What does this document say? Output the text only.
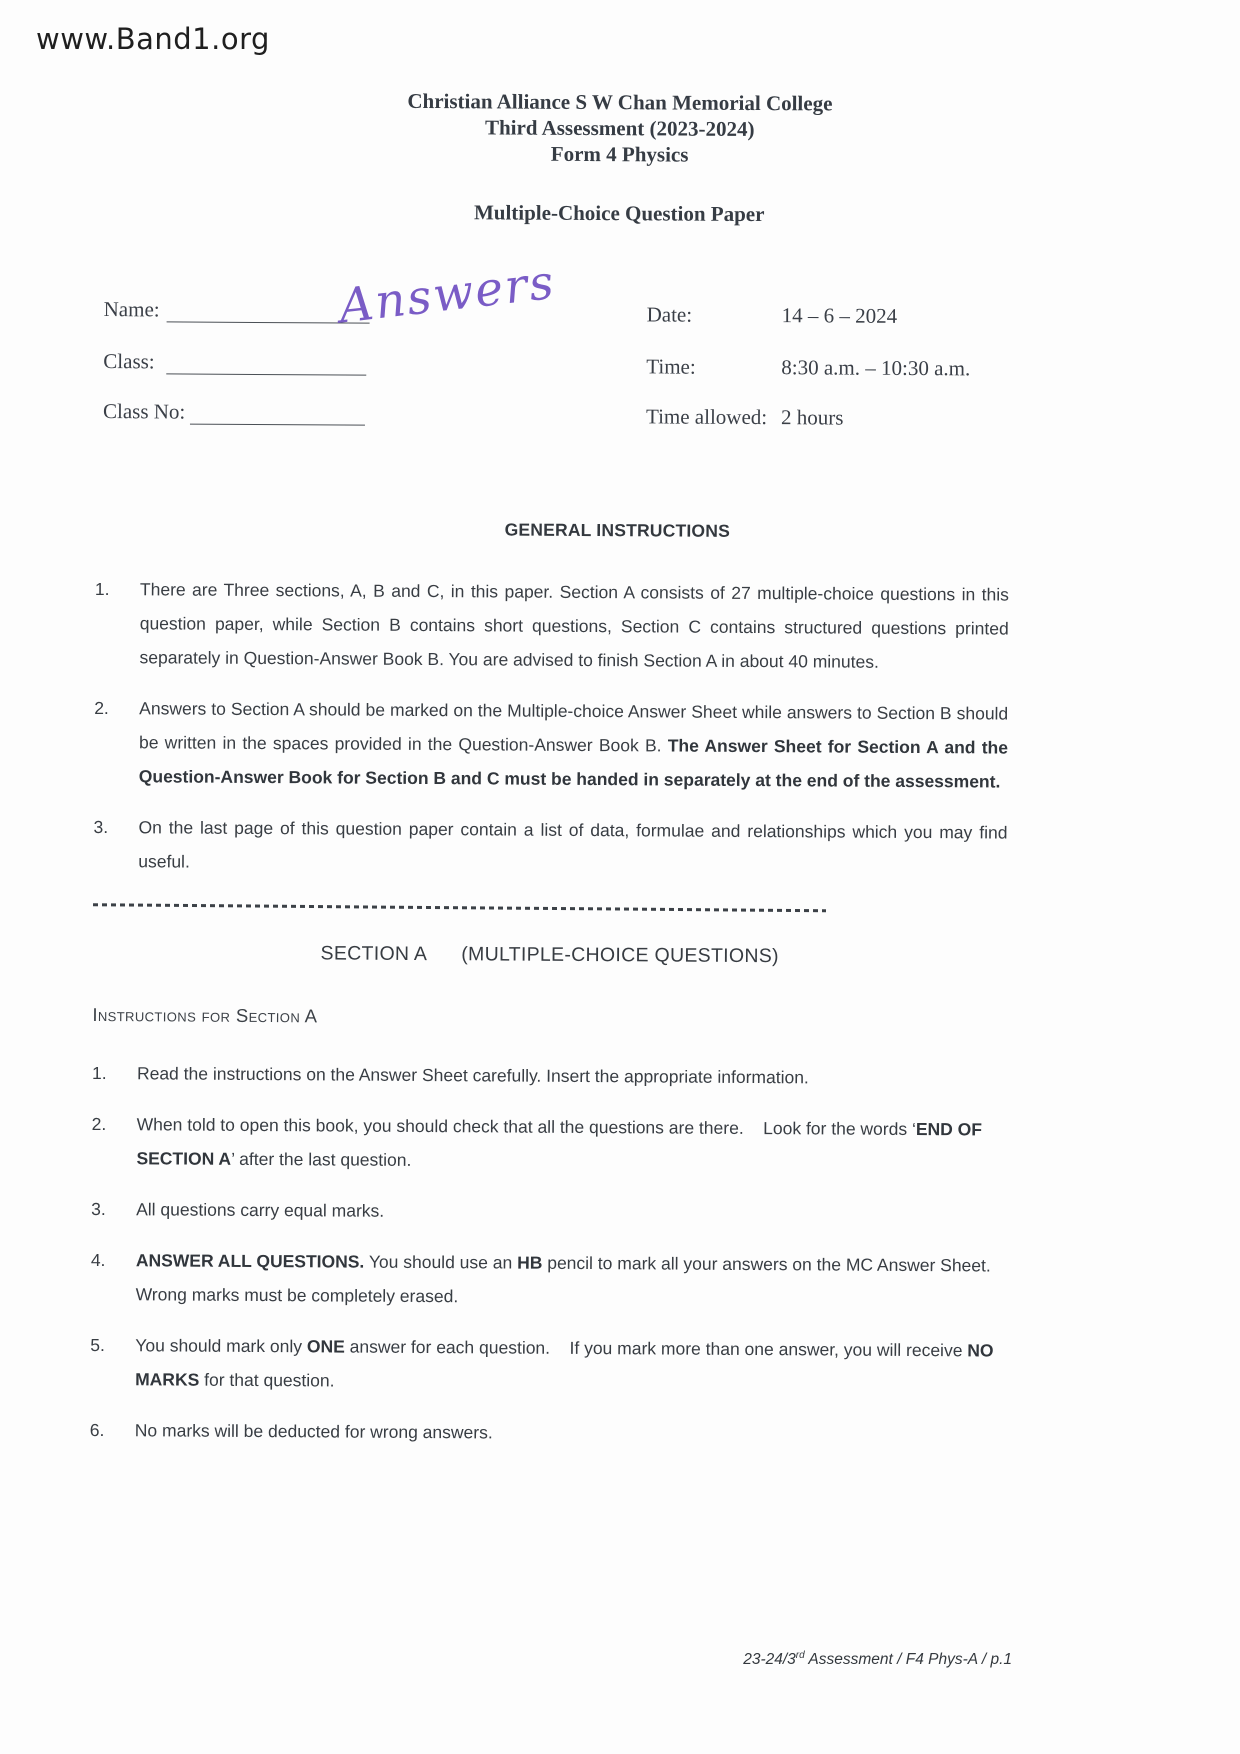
www.Band1.org
Christian Alliance S W Chan Memorial College
Third Assessment (2023-2024)
Form 4 Physics
Multiple-Choice Question Paper
Name:	Answers
Class:
Class No:
Date:	14 – 6 – 2024
Time:	8:30 a.m. – 10:30 a.m.
Time allowed: 2 hours
GENERAL INSTRUCTIONS
1.	There are Three sections, A, B and C, in this paper. Section A consists of 27 multiple-choice questions in this question paper, while Section B contains short questions, Section C contains structured questions printed separately in Question-Answer Book B. You are advised to finish Section A in about 40 minutes.
2.	Answers to Section A should be marked on the Multiple-choice Answer Sheet while answers to Section B should be written in the spaces provided in the Question-Answer Book B. The Answer Sheet for Section A and the Question-Answer Book for Section B and C must be handed in separately at the end of the assessment.
3.	On the last page of this question paper contain a list of data, formulae and relationships which you may find useful.
SECTION A (MULTIPLE-CHOICE QUESTIONS)
Instructions for Section A
1.	Read the instructions on the Answer Sheet carefully. Insert the appropriate information.
2.	When told to open this book, you should check that all the questions are there.    Look for the words ‘END OF SECTION A’ after the last question.
3.	All questions carry equal marks.
4.	ANSWER ALL QUESTIONS. You should use an HB pencil to mark all your answers on the MC Answer Sheet. Wrong marks must be completely erased.
5.	You should mark only ONE answer for each question.    If you mark more than one answer, you will receive NO MARKS for that question.
6.	No marks will be deducted for wrong answers.
23-24/3rd Assessment / F4 Phys-A / p.1
